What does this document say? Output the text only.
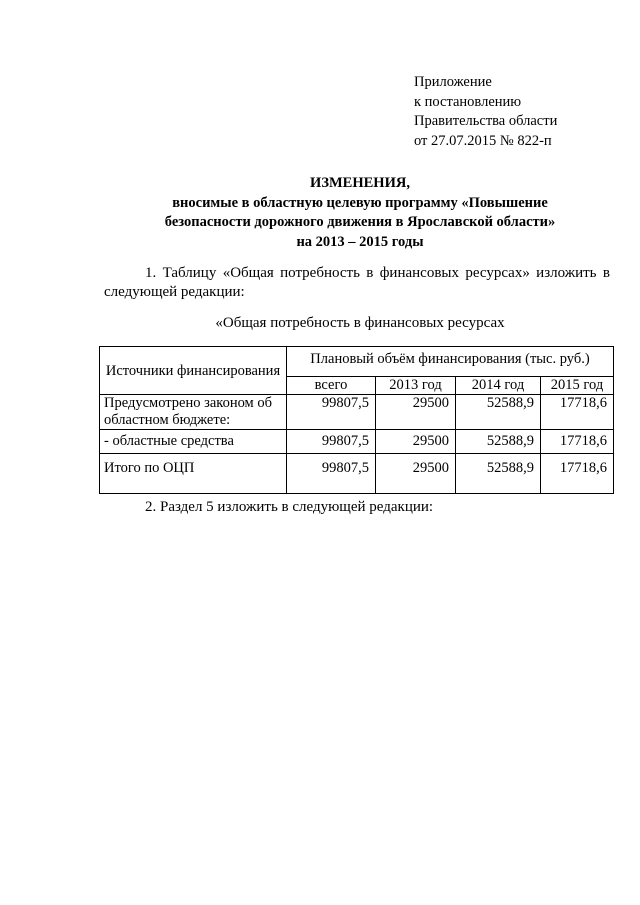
Приложение
к постановлению
Правительства области
от 27.07.2015 № 822-п
ИЗМЕНЕНИЯ,
вносимые в областную целевую программу «Повышение
безопасности дорожного движения в Ярославской области»
на 2013 – 2015 годы
1. Таблицу «Общая потребность в финансовых ресурсах» изложить в
следующей редакции:
«Общая потребность в финансовых ресурсах
Источники финансирования	Плановый объём финансирования (тыс. руб.)			
	всего	2013 год	2014 год	2015 год
Предусмотрено законом об областном бюджете:	99807,5	29500	52588,9	17718,6
- областные средства	99807,5	29500	52588,9	17718,6
Итого по ОЦП	99807,5	29500	52588,9	17718,6
2. Раздел 5 изложить в следующей редакции:
